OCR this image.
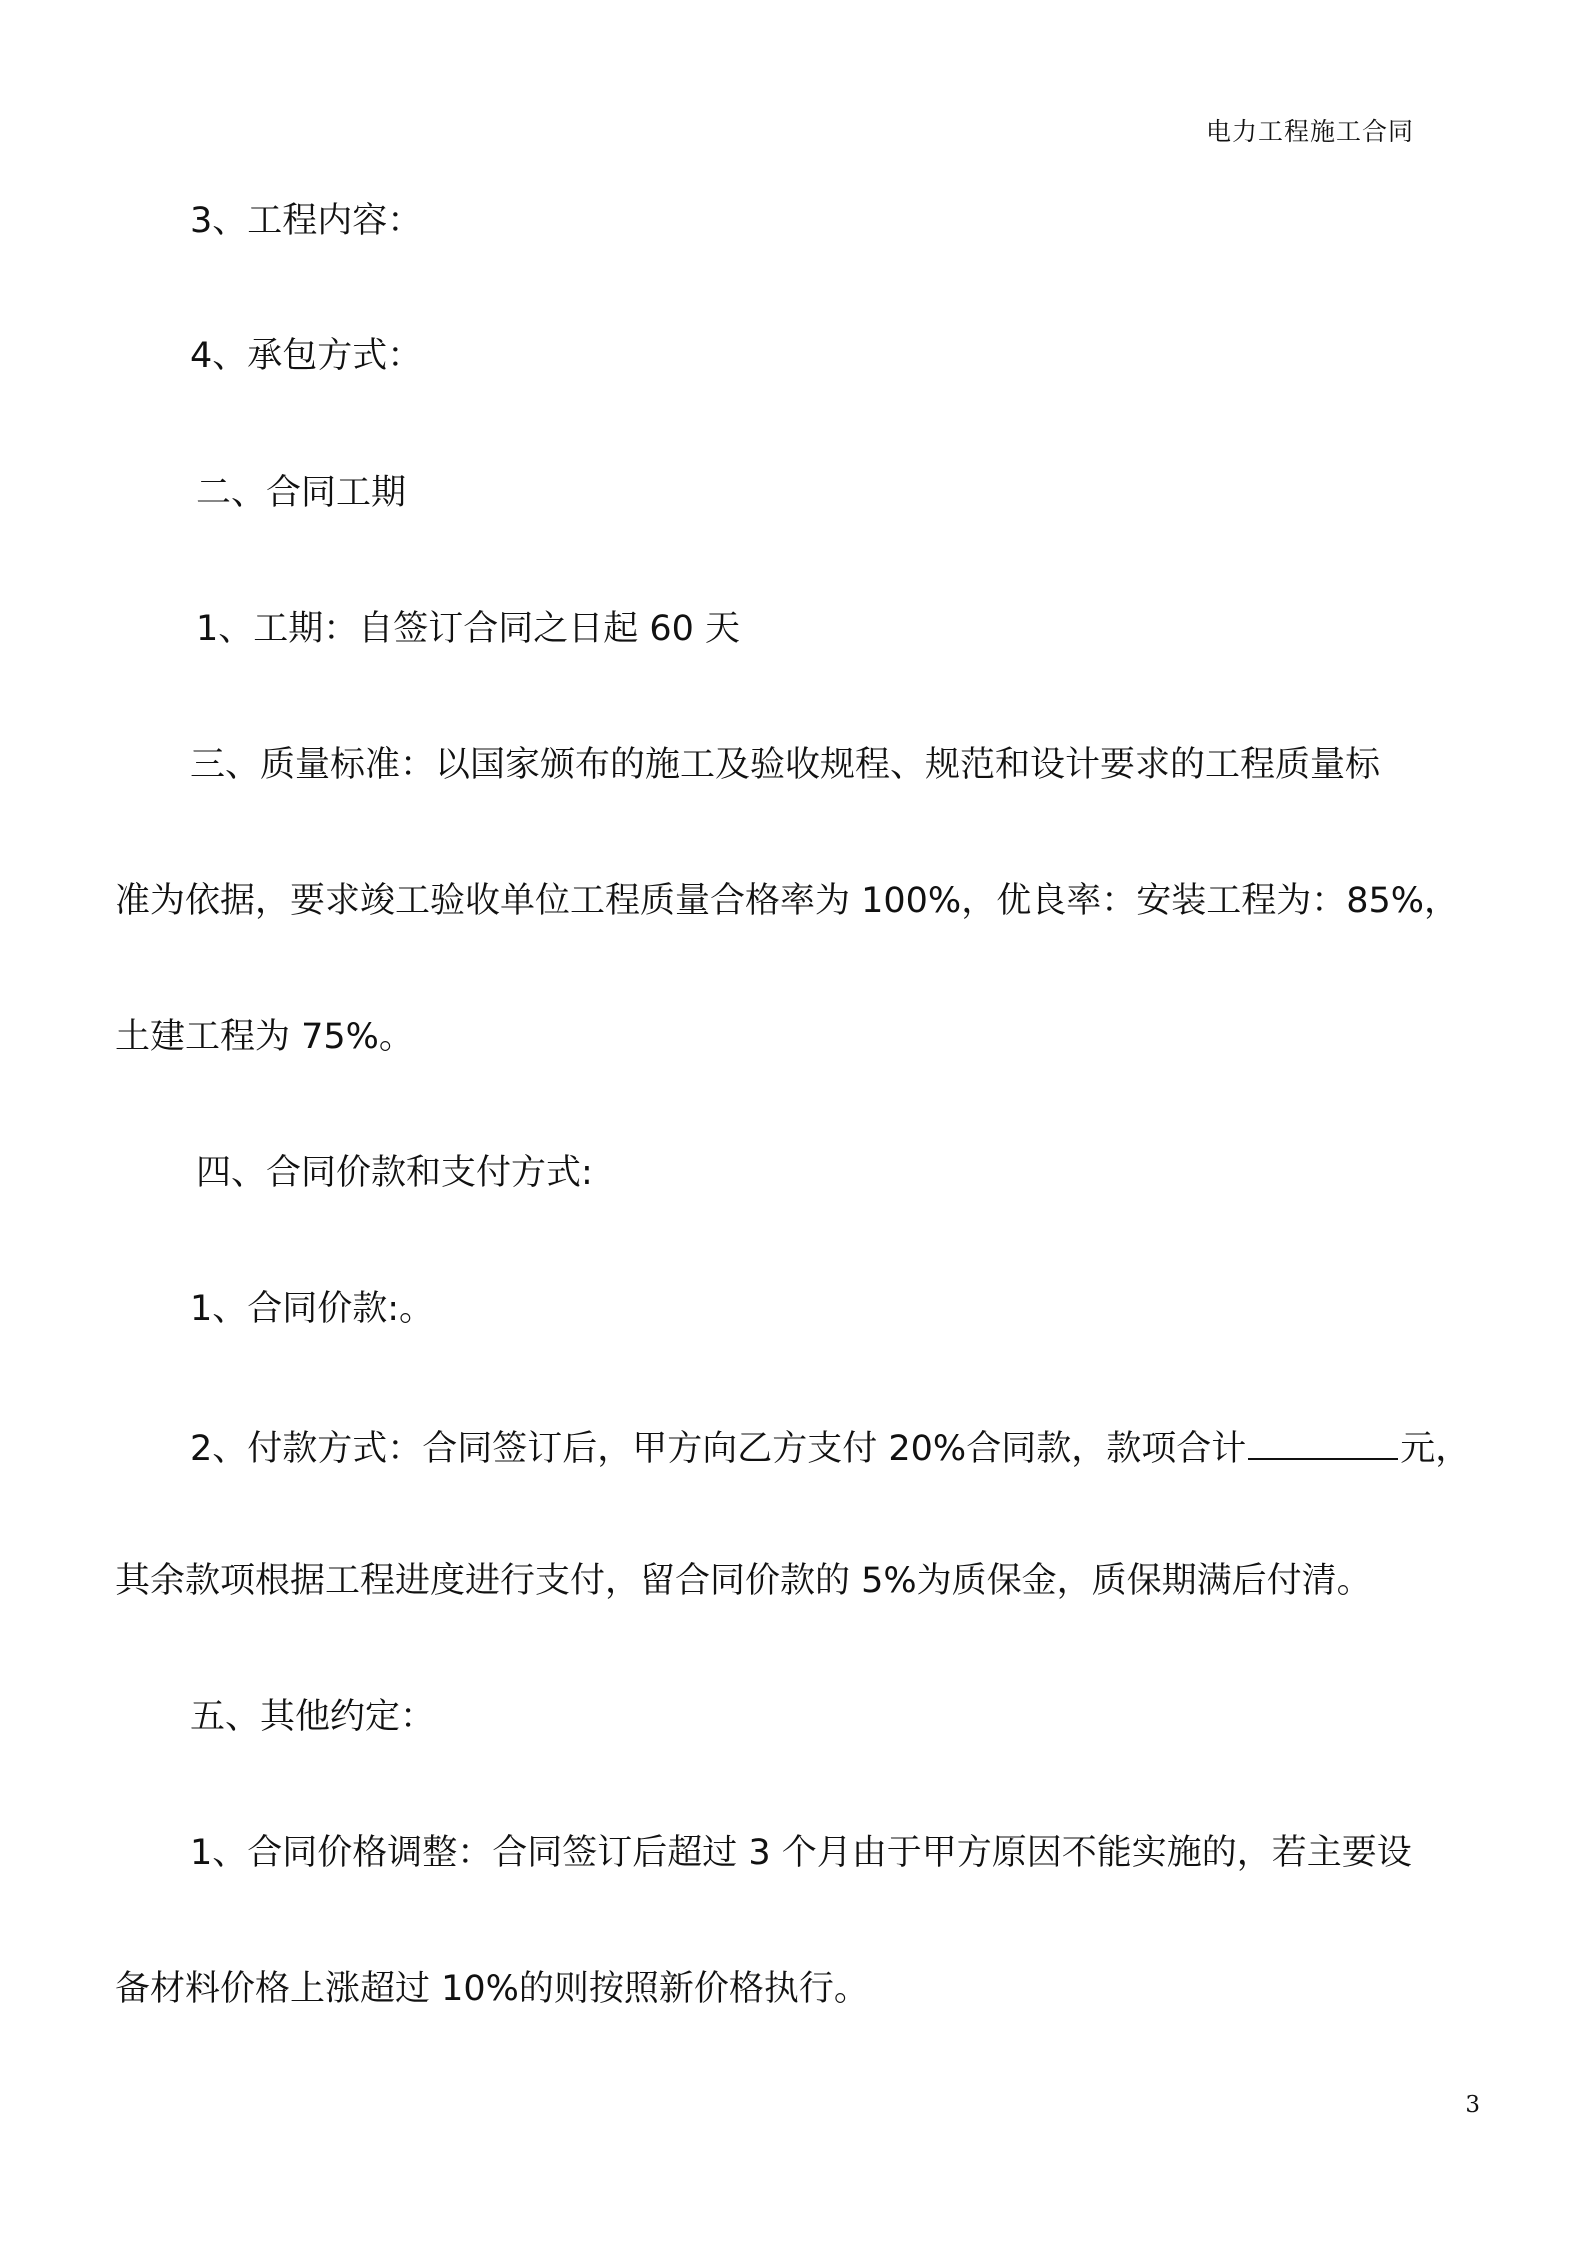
电力工程施工合同
3、工程内容：
4、承包方式：
二、合同工期
1、工期：自签订合同之日起 60 天
三、质量标准：以国家颁布的施工及验收规程、规范和设计要求的工程质量标
准为依据，要求竣工验收单位工程质量合格率为 100%，优良率：安装工程为：85%，
土建工程为 75%。
四、合同价款和支付方式:
1、合同价款:。
2、付款方式：合同签订后，甲方向乙方支付 20%合同款，款项合计	元，
其余款项根据工程进度进行支付，留合同价款的 5%为质保金，质保期满后付清。
五、其他约定：
1、合同价格调整：合同签订后超过 3 个月由于甲方原因不能实施的，若主要设
备材料价格上涨超过 10%的则按照新价格执行。
3
